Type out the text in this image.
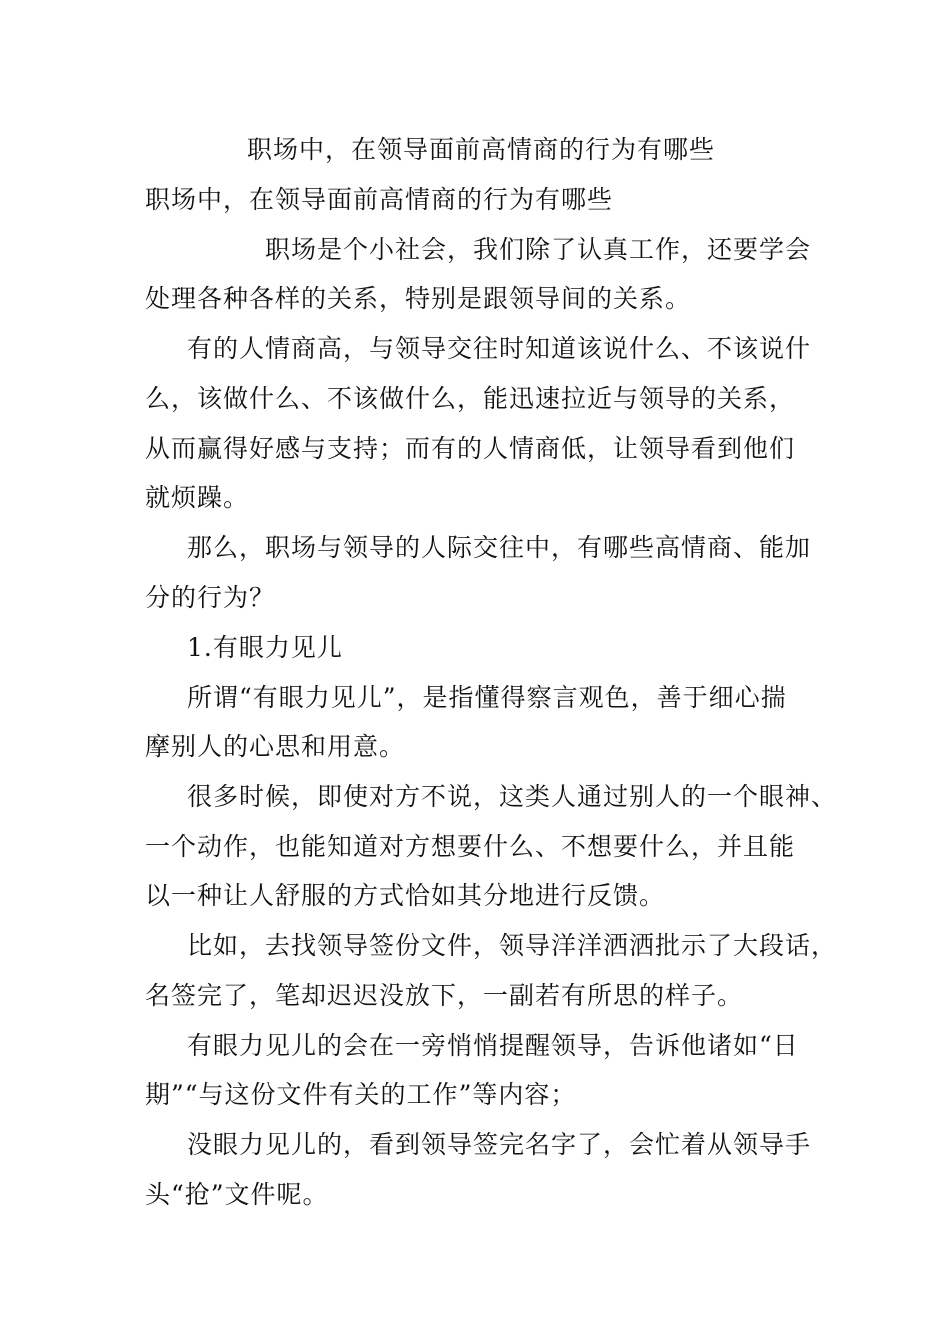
职场中，在领导面前高情商的行为有哪些

职场中，在领导面前高情商的行为有哪些

职场是个小社会，我们除了认真工作，还要学会

处理各种各样的关系，特别是跟领导间的关系。

有的人情商高，与领导交往时知道该说什么、不该说什

么，该做什么、不该做什么，能迅速拉近与领导的关系，

从而赢得好感与支持；而有的人情商低，让领导看到他们

就烦躁。

那么，职场与领导的人际交往中，有哪些高情商、能加

分的行为？

1.有眼力见儿

所谓“有眼力见儿”，是指懂得察言观色，善于细心揣

摩别人的心思和用意。

很多时候，即使对方不说，这类人通过别人的一个眼神、

一个动作，也能知道对方想要什么、不想要什么，并且能

以一种让人舒服的方式恰如其分地进行反馈。

比如，去找领导签份文件，领导洋洋洒洒批示了大段话，

名签完了，笔却迟迟没放下，一副若有所思的样子。

有眼力见儿的会在一旁悄悄提醒领导，告诉他诸如“日

期”“与这份文件有关的工作”等内容；

没眼力见儿的，看到领导签完名字了，会忙着从领导手

头“抢”文件呢。
